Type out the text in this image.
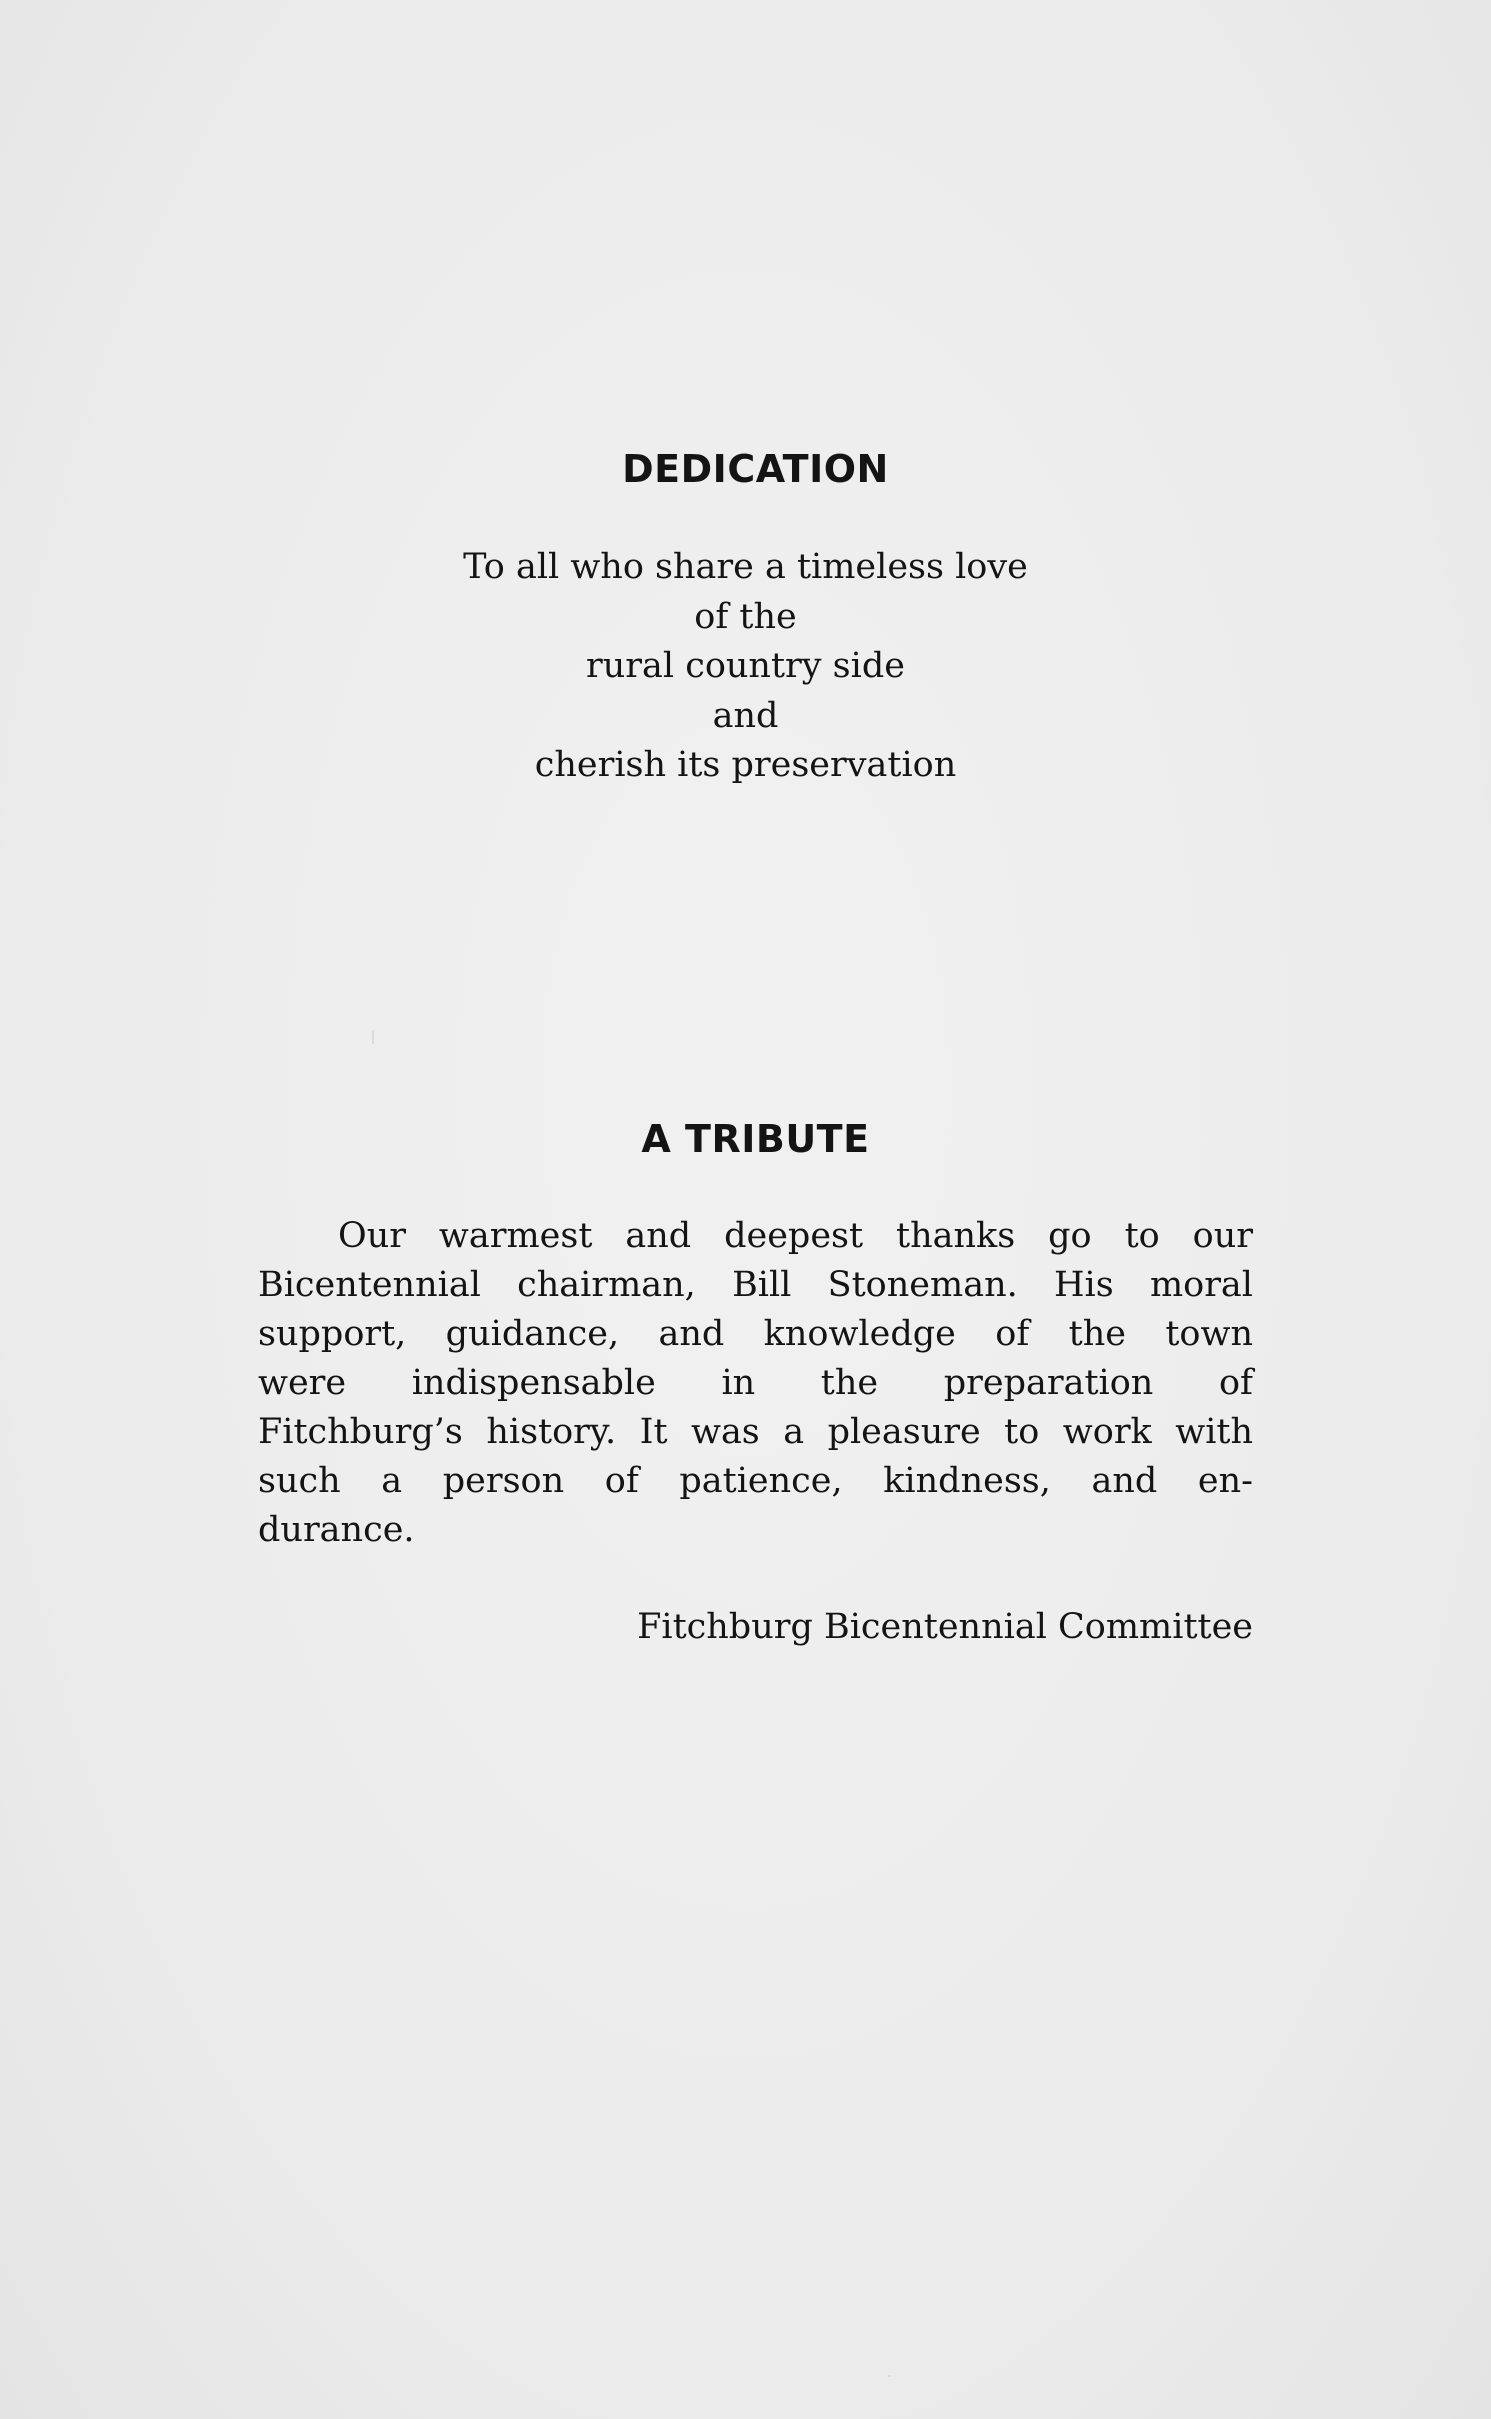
DEDICATION
To all who share a timeless love
of the
rural country side
and
cherish its preservation
A TRIBUTE
Our warmest and deepest thanks go to our
Bicentennial chairman, Bill Stoneman. His moral
support, guidance, and knowledge of the town
were indispensable in the preparation of
Fitchburg’s history. It was a pleasure to work with
such a person of patience, kindness, and en-
durance.
Fitchburg Bicentennial Committee
